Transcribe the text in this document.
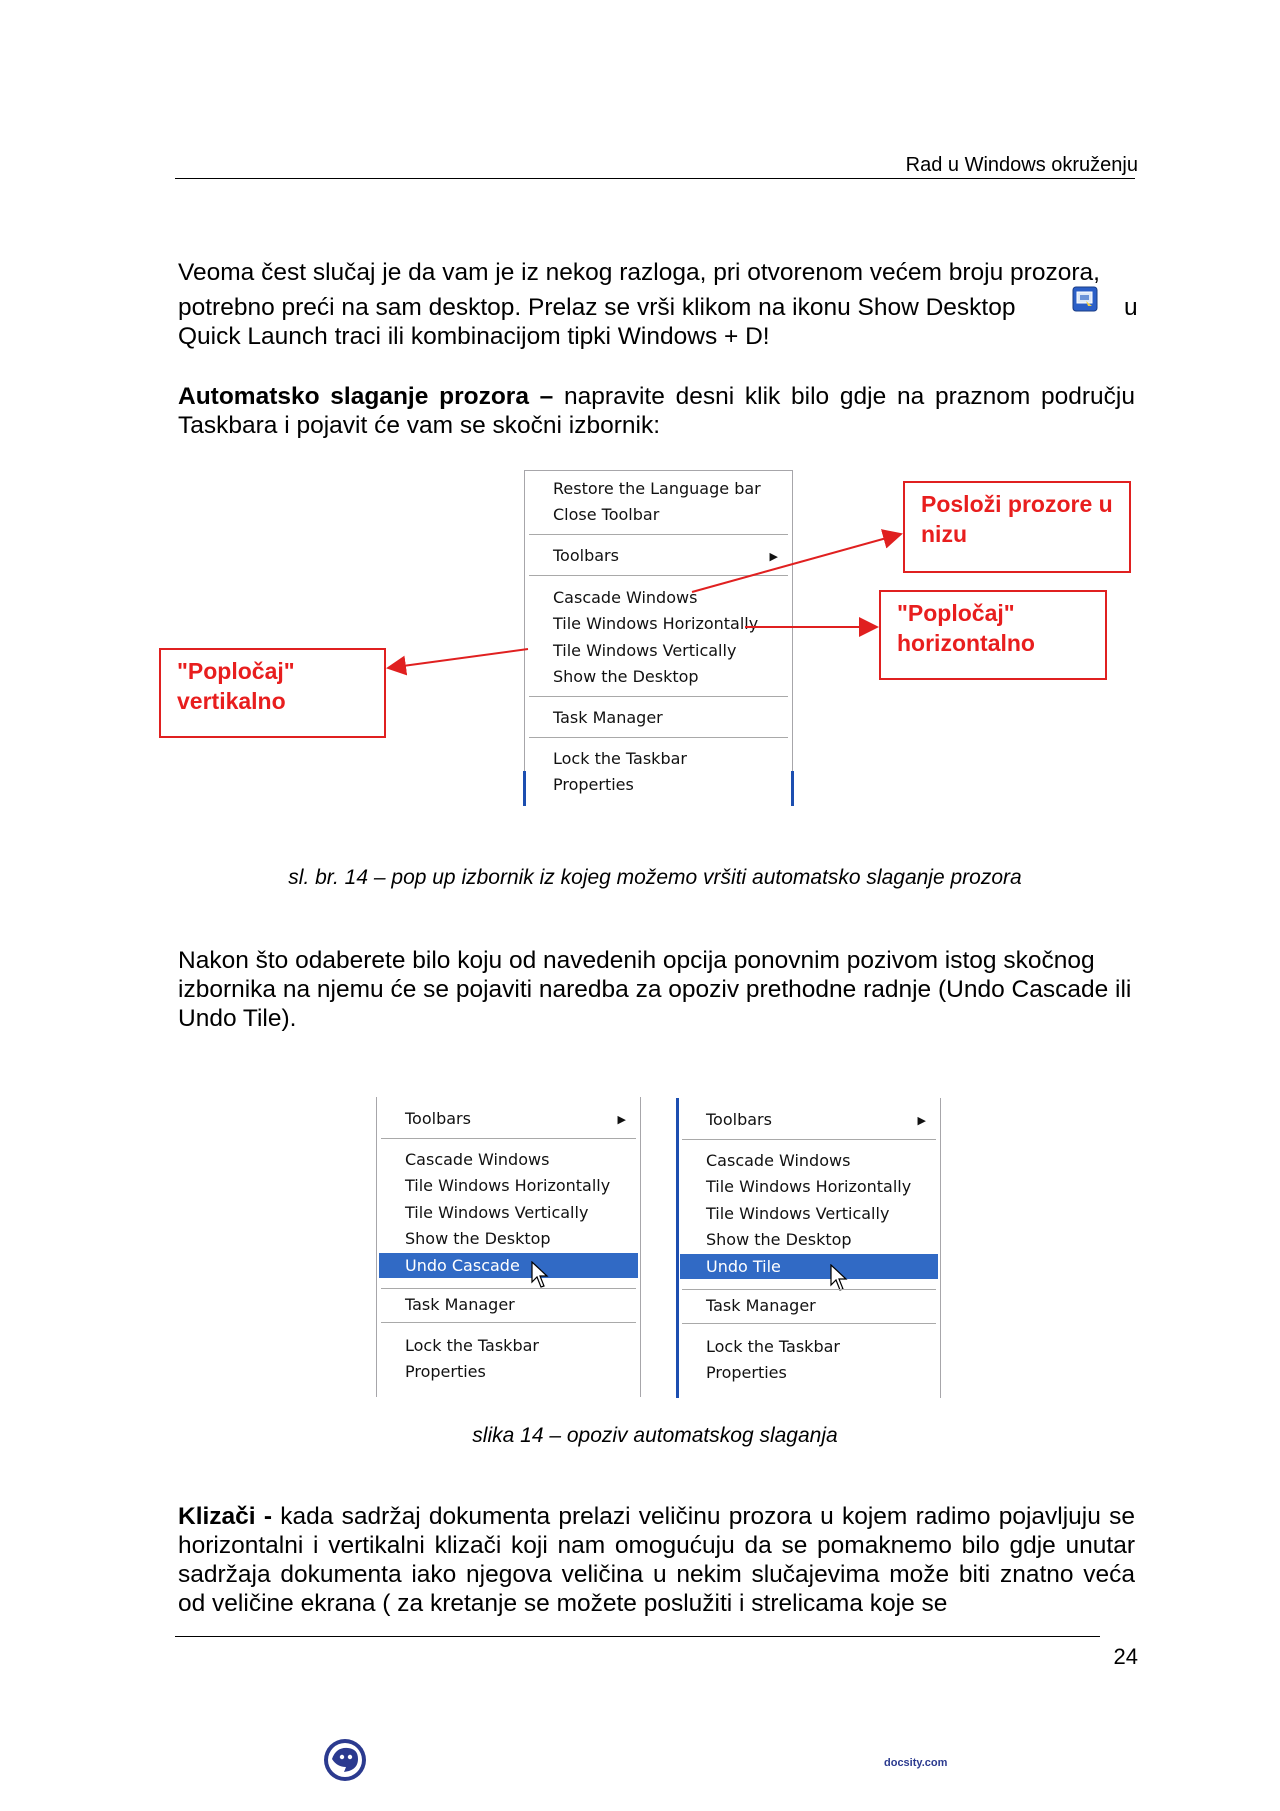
Rad u Windows okruženju
Veoma čest slučaj je da vam je iz nekog razloga, pri otvorenom većem broju prozora,
potrebno preći na sam desktop. Prelaz se vrši klikom na ikonu Show Desktop	u
Quick Launch traci ili kombinacijom tipki Windows + D!
Automatsko slaganje prozora – napravite desni klik bilo gdje na praznom području Taskbara i pojavit će vam se skočni izbornik:
Restore the Language bar
Close Toolbar
Toolbars	▶
Cascade Windows
Tile Windows Horizontally
Tile Windows Vertically
Show the Desktop
Task Manager
Lock the Taskbar
Properties
Posloži prozore u nizu
"Popločaj" horizontalno
"Popločaj" vertikalno
sl. br. 14 – pop up izbornik iz kojeg možemo vršiti automatsko slaganje prozora
Nakon što odaberete bilo koju od navedenih opcija ponovnim pozivom istog skočnog izbornika na njemu će se pojaviti naredba za opoziv prethodne radnje (Undo Cascade ili Undo Tile).
Toolbars	▶
Cascade Windows
Tile Windows Horizontally
Tile Windows Vertically
Show the Desktop
Undo Cascade
Task Manager
Lock the Taskbar
Properties
Toolbars	▶
Cascade Windows
Tile Windows Horizontally
Tile Windows Vertically
Show the Desktop
Undo Tile
Task Manager
Lock the Taskbar
Properties
slika 14 – opoziv automatskog slaganja
Klizači - kada sadržaj dokumenta prelazi veličinu prozora u kojem radimo pojavljuju se horizontalni i vertikalni klizači koji nam omogućuju da se pomaknemo bilo gdje unutar sadržaja dokumenta iako njegova veličina u nekim slučajevima može biti znatno veća od veličine ekrana ( za kretanje se možete poslužiti i strelicama koje se
24
docsity.com
